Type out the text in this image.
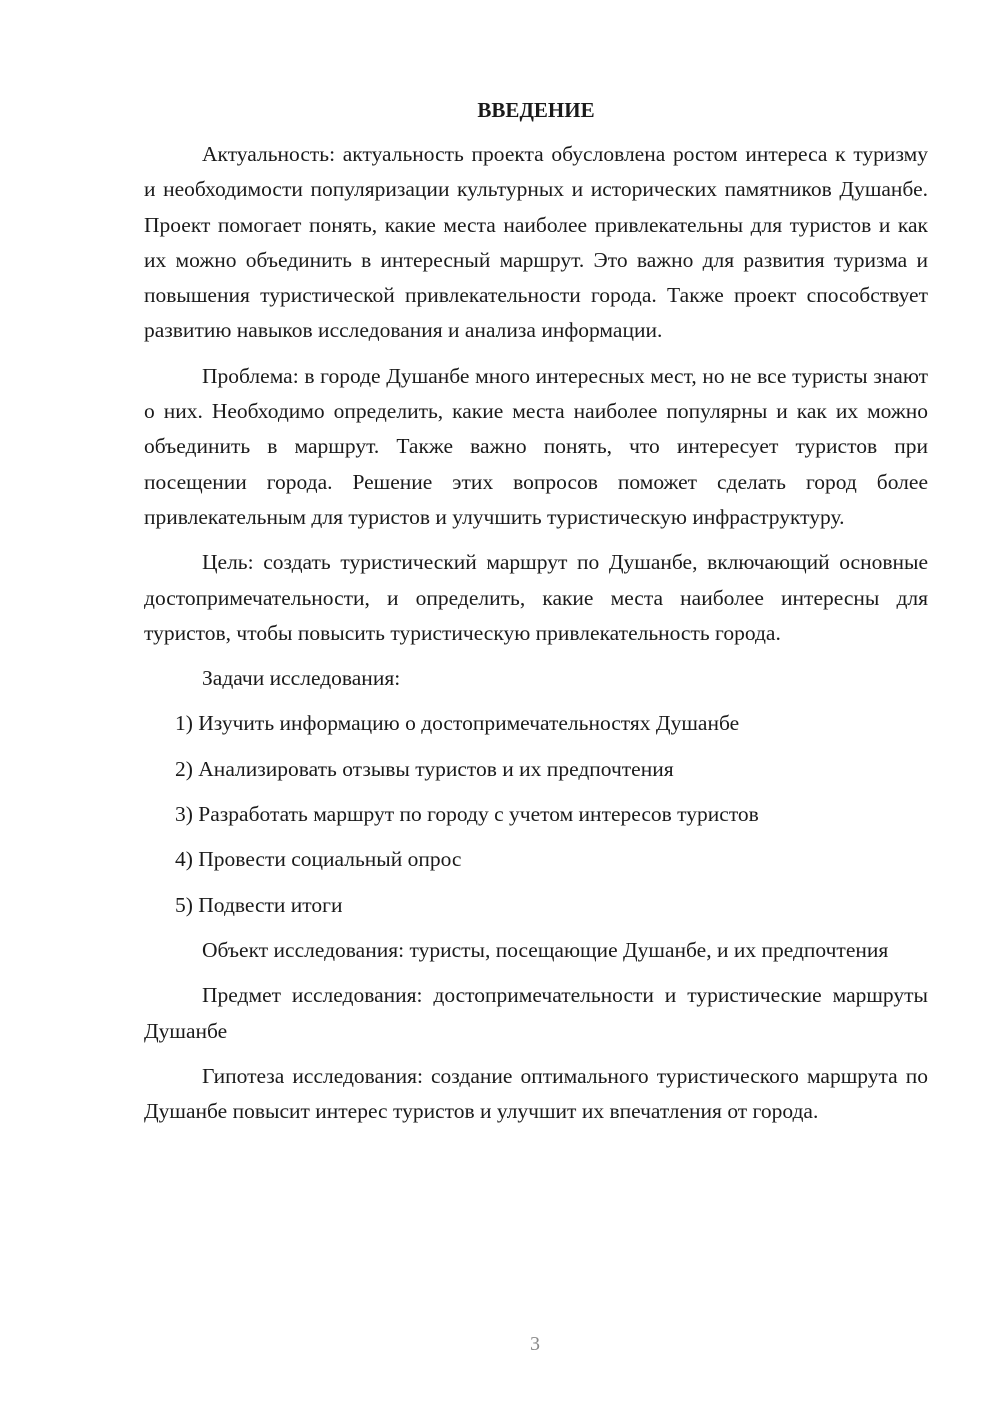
ВВЕДЕНИЕ

Актуальность: актуальность проекта обусловлена ростом интереса к туризму и необходимости популяризации культурных и исторических памятников Душанбе. Проект помогает понять, какие места наиболее привлекательны для туристов и как их можно объединить в интересный маршрут. Это важно для развития туризма и повышения туристической привлекательности города. Также проект способствует развитию навыков исследования и анализа информации.

Проблема: в городе Душанбе много интересных мест, но не все туристы знают о них. Необходимо определить, какие места наиболее популярны и как их можно объединить в маршрут. Также важно понять, что интересует туристов при посещении города. Решение этих вопросов поможет сделать город более привлекательным для туристов и улучшить туристическую инфраструктуру.

Цель: создать туристический маршрут по Душанбе, включающий основные достопримечательности, и определить, какие места наиболее интересны для туристов, чтобы повысить туристическую привлекательность города.

Задачи исследования:

1) Изучить информацию о достопримечательностях Душанбе
2) Анализировать отзывы туристов и их предпочтения
3) Разработать маршрут по городу с учетом интересов туристов
4) Провести социальный опрос
5) Подвести итоги

Объект исследования: туристы, посещающие Душанбе, и их предпочтения

Предмет исследования: достопримечательности и туристические маршруты Душанбе

Гипотеза исследования: создание оптимального туристического маршрута по Душанбе повысит интерес туристов и улучшит их впечатления от города.

3
